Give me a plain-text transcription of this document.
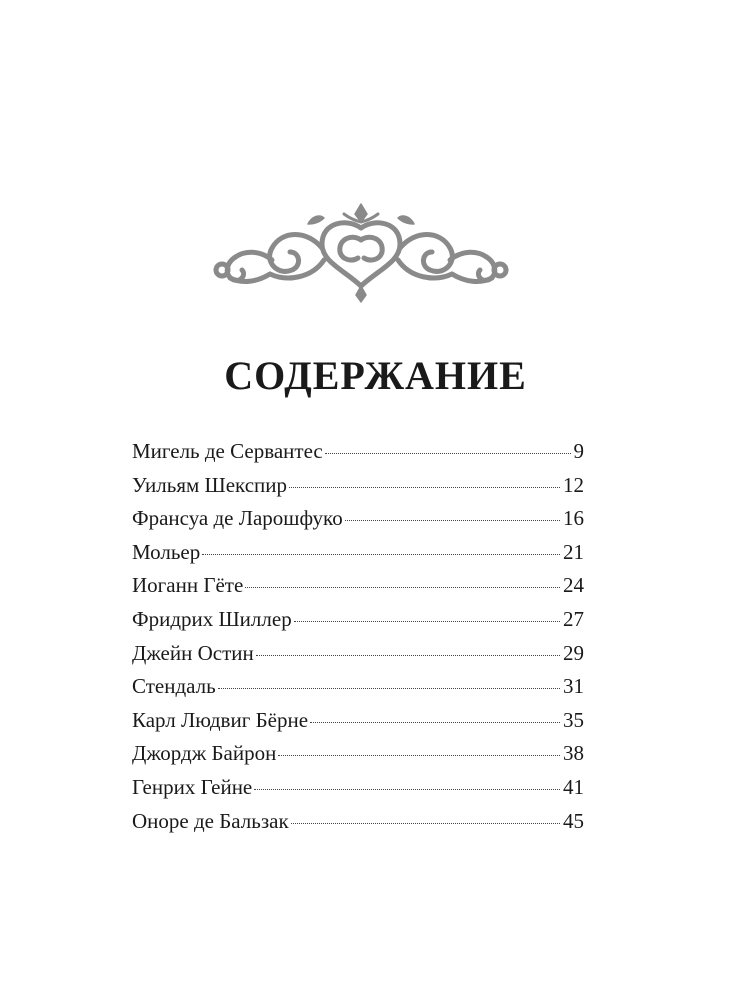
СОДЕРЖАНИЕ
Мигель де Сервантес	9
Уильям Шекспир	12
Франсуа де Ларошфуко	16
Мольер	21
Иоганн Гёте	24
Фридрих Шиллер	27
Джейн Остин	29
Стендаль	31
Карл Людвиг Бёрне	35
Джордж Байрон	38
Генрих Гейне	41
Оноре де Бальзак	45
